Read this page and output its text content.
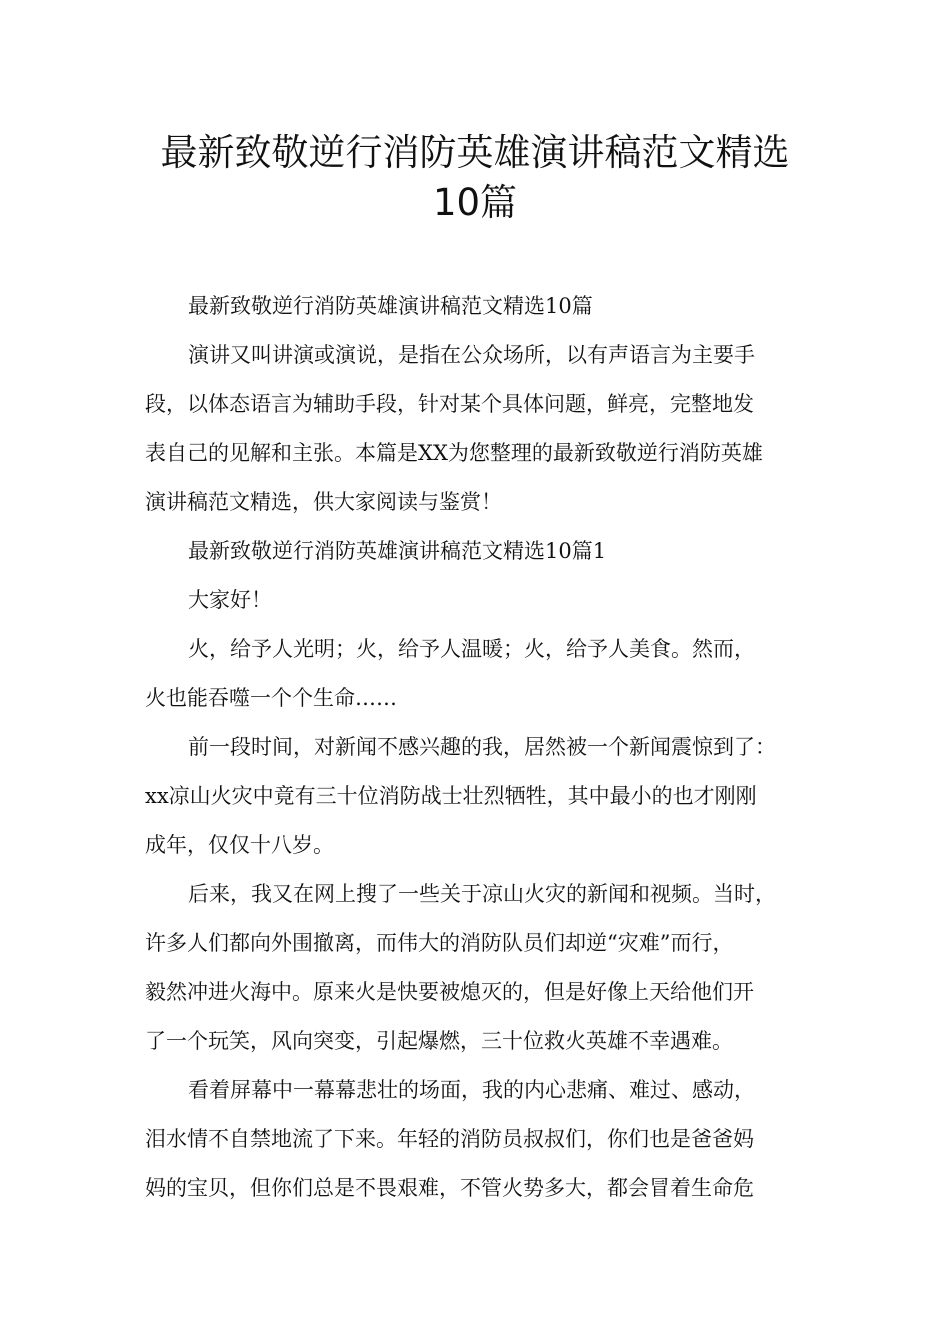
最新致敬逆行消防英雄演讲稿范文精选
10篇

最新致敬逆行消防英雄演讲稿范文精选10篇

演讲又叫讲演或演说，是指在公众场所，以有声语言为主要手
段，以体态语言为辅助手段，针对某个具体问题，鲜亮，完整地发
表自己的见解和主张。本篇是XX为您整理的最新致敬逆行消防英雄
演讲稿范文精选，供大家阅读与鉴赏！

最新致敬逆行消防英雄演讲稿范文精选10篇1

大家好！

火，给予人光明；火，给予人温暖；火，给予人美食。然而，
火也能吞噬一个个生命……

前一段时间，对新闻不感兴趣的我，居然被一个新闻震惊到了：
xx凉山火灾中竟有三十位消防战士壮烈牺牲，其中最小的也才刚刚
成年，仅仅十八岁。

后来，我又在网上搜了一些关于凉山火灾的新闻和视频。当时，
许多人们都向外围撤离，而伟大的消防队员们却逆“灾难”而行，
毅然冲进火海中。原来火是快要被熄灭的，但是好像上天给他们开
了一个玩笑，风向突变，引起爆燃，三十位救火英雄不幸遇难。

看着屏幕中一幕幕悲壮的场面，我的内心悲痛、难过、感动，
泪水情不自禁地流了下来。年轻的消防员叔叔们，你们也是爸爸妈
妈的宝贝，但你们总是不畏艰难，不管火势多大，都会冒着生命危
